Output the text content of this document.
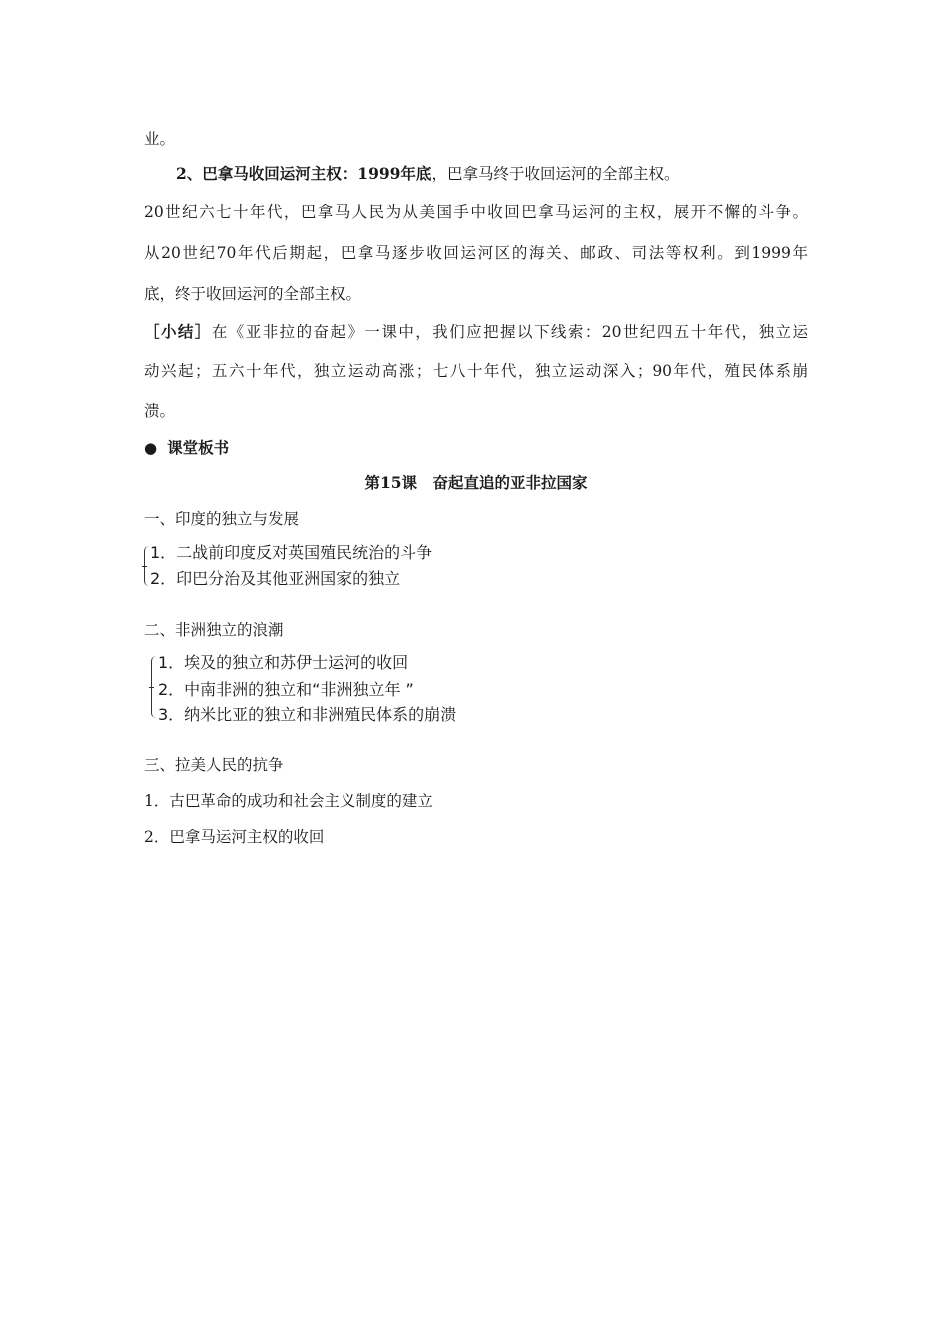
业。
2、巴拿马收回运河主权：1999年底，巴拿马终于收回运河的全部主权。
20世纪六七十年代，巴拿马人民为从美国手中收回巴拿马运河的主权，展开不懈的斗争。
从20世纪70年代后期起，巴拿马逐步收回运河区的海关、邮政、司法等权利。到1999年
底，终于收回运河的全部主权。
［小结］在《亚非拉的奋起》一课中，我们应把握以下线索：20世纪四五十年代，独立运
动兴起；五六十年代，独立运动高涨；七八十年代，独立运动深入；90年代，殖民体系崩
溃。
● 课堂板书
第15课　奋起直追的亚非拉国家
一、印度的独立与发展
1．二战前印度反对英国殖民统治的斗争
2．印巴分治及其他亚洲国家的独立
二、非洲独立的浪潮
1．埃及的独立和苏伊士运河的收回
2．中南非洲的独立和“非洲独立年 ”
3．纳米比亚的独立和非洲殖民体系的崩溃
三、拉美人民的抗争
1．古巴革命的成功和社会主义制度的建立
2．巴拿马运河主权的收回
